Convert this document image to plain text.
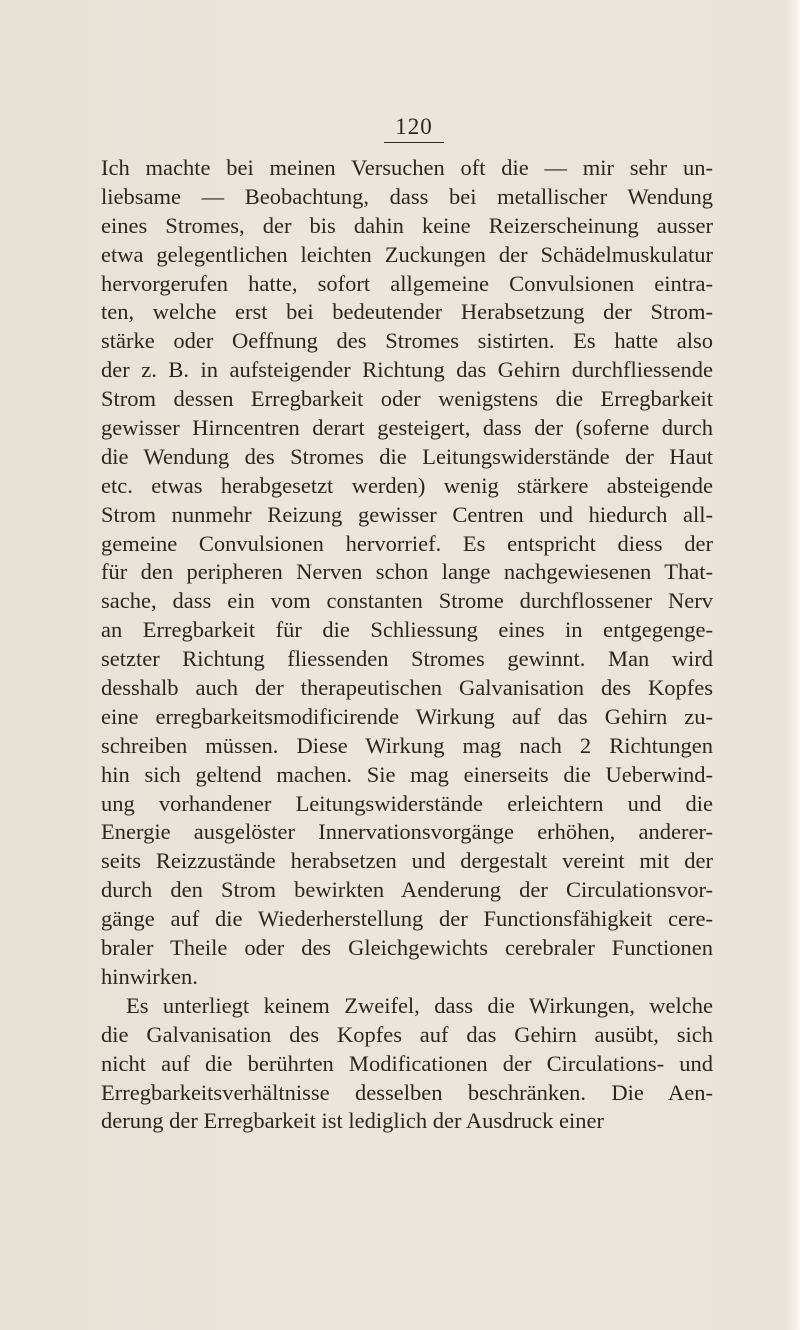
120
Ich machte bei meinen Versuchen oft die — mir sehr un-
liebsame — Beobachtung, dass bei metallischer Wendung
eines Stromes, der bis dahin keine Reizerscheinung ausser
etwa gelegentlichen leichten Zuckungen der Schädelmuskulatur
hervorgerufen hatte, sofort allgemeine Convulsionen eintra-
ten, welche erst bei bedeutender Herabsetzung der Strom-
stärke oder Oeffnung des Stromes sistirten. Es hatte also
der z. B. in aufsteigender Richtung das Gehirn durchfliessende
Strom dessen Erregbarkeit oder wenigstens die Erregbarkeit
gewisser Hirncentren derart gesteigert, dass der (soferne durch
die Wendung des Stromes die Leitungswiderstände der Haut
etc. etwas herabgesetzt werden) wenig stärkere absteigende
Strom nunmehr Reizung gewisser Centren und hiedurch all-
gemeine Convulsionen hervorrief. Es entspricht diess der
für den peripheren Nerven schon lange nachgewiesenen That-
sache, dass ein vom constanten Strome durchflossener Nerv
an Erregbarkeit für die Schliessung eines in entgegenge-
setzter Richtung fliessenden Stromes gewinnt. Man wird
desshalb auch der therapeutischen Galvanisation des Kopfes
eine erregbarkeitsmodificirende Wirkung auf das Gehirn zu-
schreiben müssen. Diese Wirkung mag nach 2 Richtungen
hin sich geltend machen. Sie mag einerseits die Ueberwind-
ung vorhandener Leitungswiderstände erleichtern und die
Energie ausgelöster Innervationsvorgänge erhöhen, anderer-
seits Reizzustände herabsetzen und dergestalt vereint mit der
durch den Strom bewirkten Aenderung der Circulationsvor-
gänge auf die Wiederherstellung der Functionsfähigkeit cere-
braler Theile oder des Gleichgewichts cerebraler Functionen
hinwirken.
Es unterliegt keinem Zweifel, dass die Wirkungen, welche
die Galvanisation des Kopfes auf das Gehirn ausübt, sich
nicht auf die berührten Modificationen der Circulations- und
Erregbarkeitsverhältnisse desselben beschränken. Die Aen-
derung der Erregbarkeit ist lediglich der Ausdruck einer
